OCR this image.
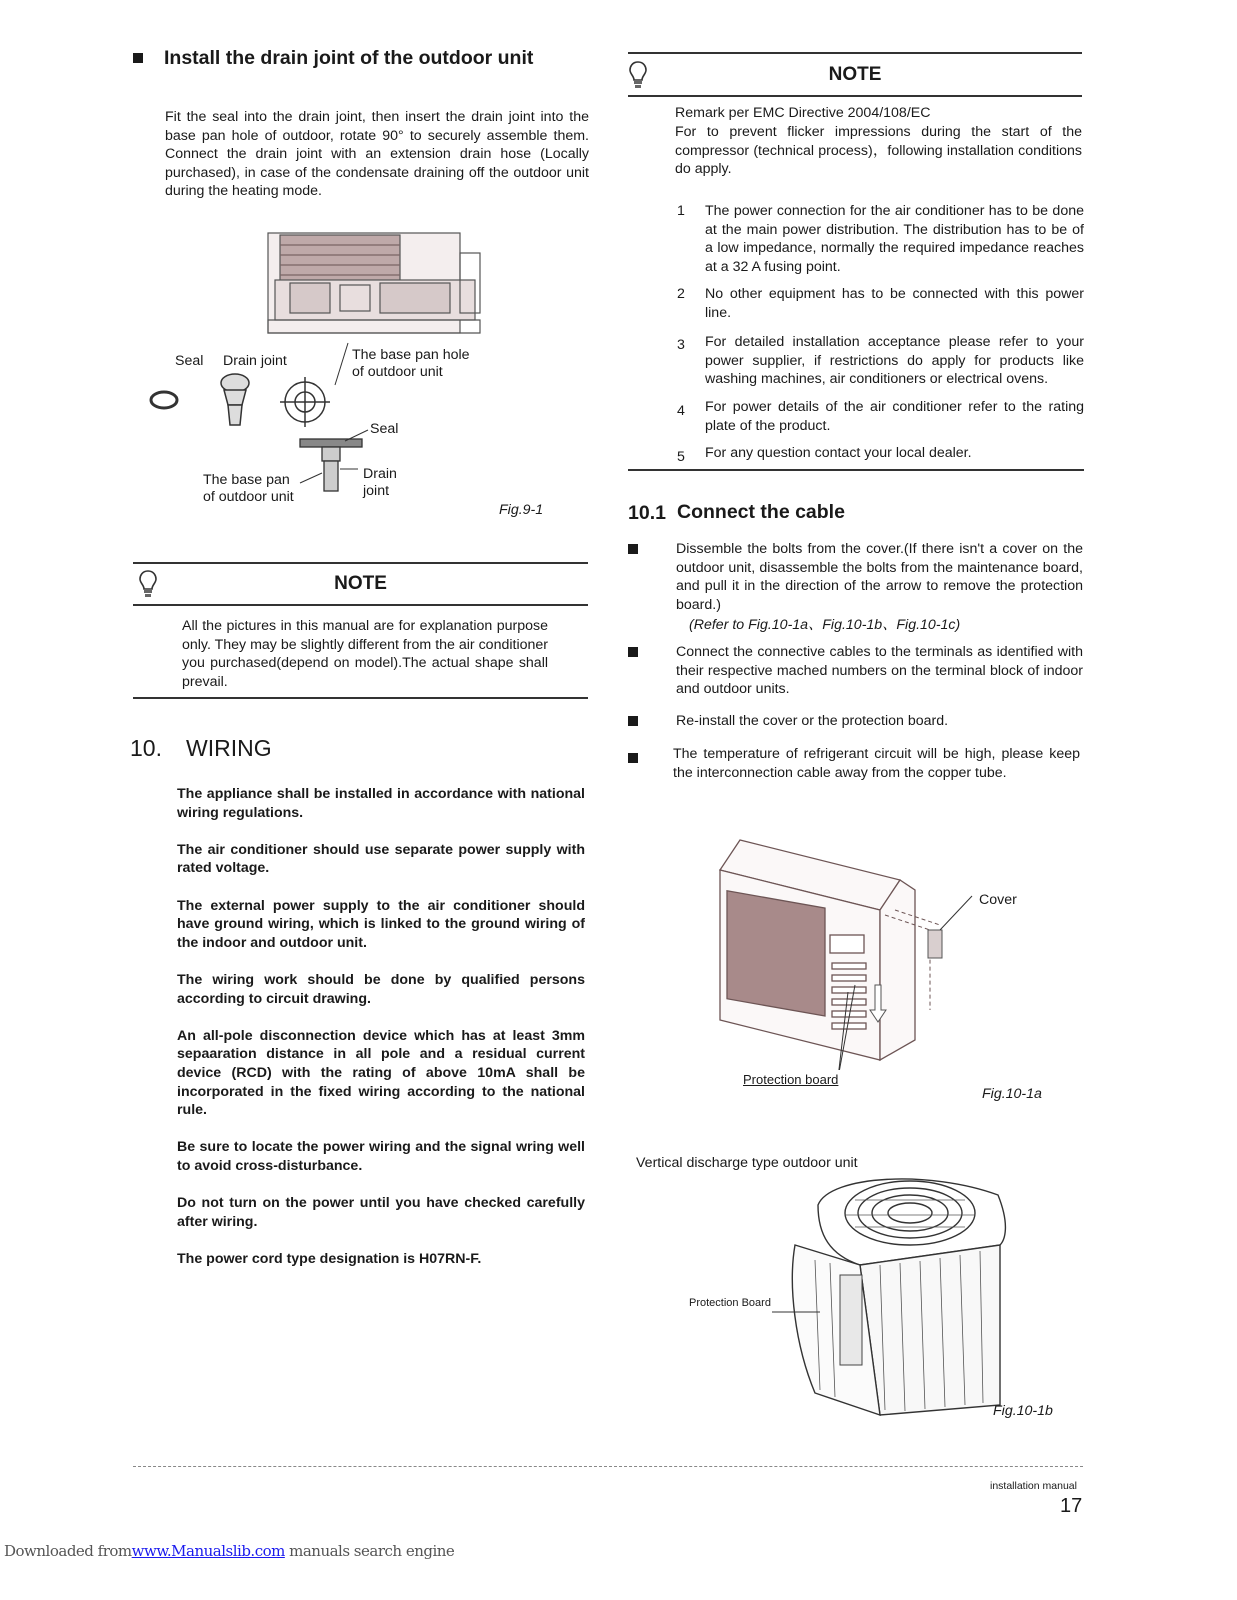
Install the drain joint of the outdoor unit
Fit the seal into the drain joint, then insert the drain joint into the base pan hole of outdoor, rotate 90° to securely assemble them. Connect the drain joint with an extension drain hose (Locally purchased), in case of the condensate draining off the outdoor unit during the heating mode.
Seal Drain joint	The base pan hole
of outdoor unit
Seal
The base pan
of outdoor unit
Drain
joint
Fig.9-1
NOTE
All the pictures in this manual are for explanation purpose only. They may be slightly different from the air conditioner you purchased(depend on model).The actual shape shall prevail.
10. WIRING

The appliance shall be installed in accordance with national wiring regulations.

The air conditioner should use separate power supply with rated voltage.

The external power supply to the air conditioner should have ground wiring, which is linked to the ground wiring of the indoor and outdoor unit.

The wiring work should be done by qualified persons according to circuit drawing.

An all-pole disconnection device which has at least 3mm sepaaration distance in all pole and a residual current device (RCD) with the rating of above 10mA shall be incorporated in the fixed wiring according to the national rule.

Be sure to locate the power wiring and the signal wring well to avoid cross-disturbance.

Do not turn on the power until you have checked carefully after wiring.

The power cord type designation is H07RN-F.

NOTE
Remark per EMC Directive 2004/108/EC
For to prevent flicker impressions during the start of the compressor (technical process)，following installation conditions do apply.
1	The power connection for the air conditioner has to be done at the main power distribution. The distribution has to be of a low impedance, normally the required impedance reaches at a 32 A fusing point.
2	No other equipment has to be connected with this power line.
3	For detailed installation acceptance please refer to your power supplier, if restrictions do apply for products like washing machines, air conditioners or electrical ovens.
4	For power details of the air conditioner refer to the rating plate of the product.
5	For any question contact your local dealer.
10.1 Connect the cable
Dissemble the bolts from the cover.(If there isn't a cover on the outdoor unit, disassemble the bolts from the maintenance board, and pull it in the direction of the arrow to remove the protection board.)
(Refer to Fig.10-1a、Fig.10-1b、Fig.10-1c)
Connect the connective cables to the terminals as identified with their respective mached numbers on the terminal block of indoor and outdoor units.
Re-install the cover or the protection board.
The temperature of refrigerant circuit will be high, please keep the interconnection cable away from the copper tube.
Cover
Protection board
Fig.10-1a
Vertical discharge type outdoor unit
Protection Board
Fig.10-1b
installation manual
17
Downloaded fromwww.Manualslib.com manuals search engine
